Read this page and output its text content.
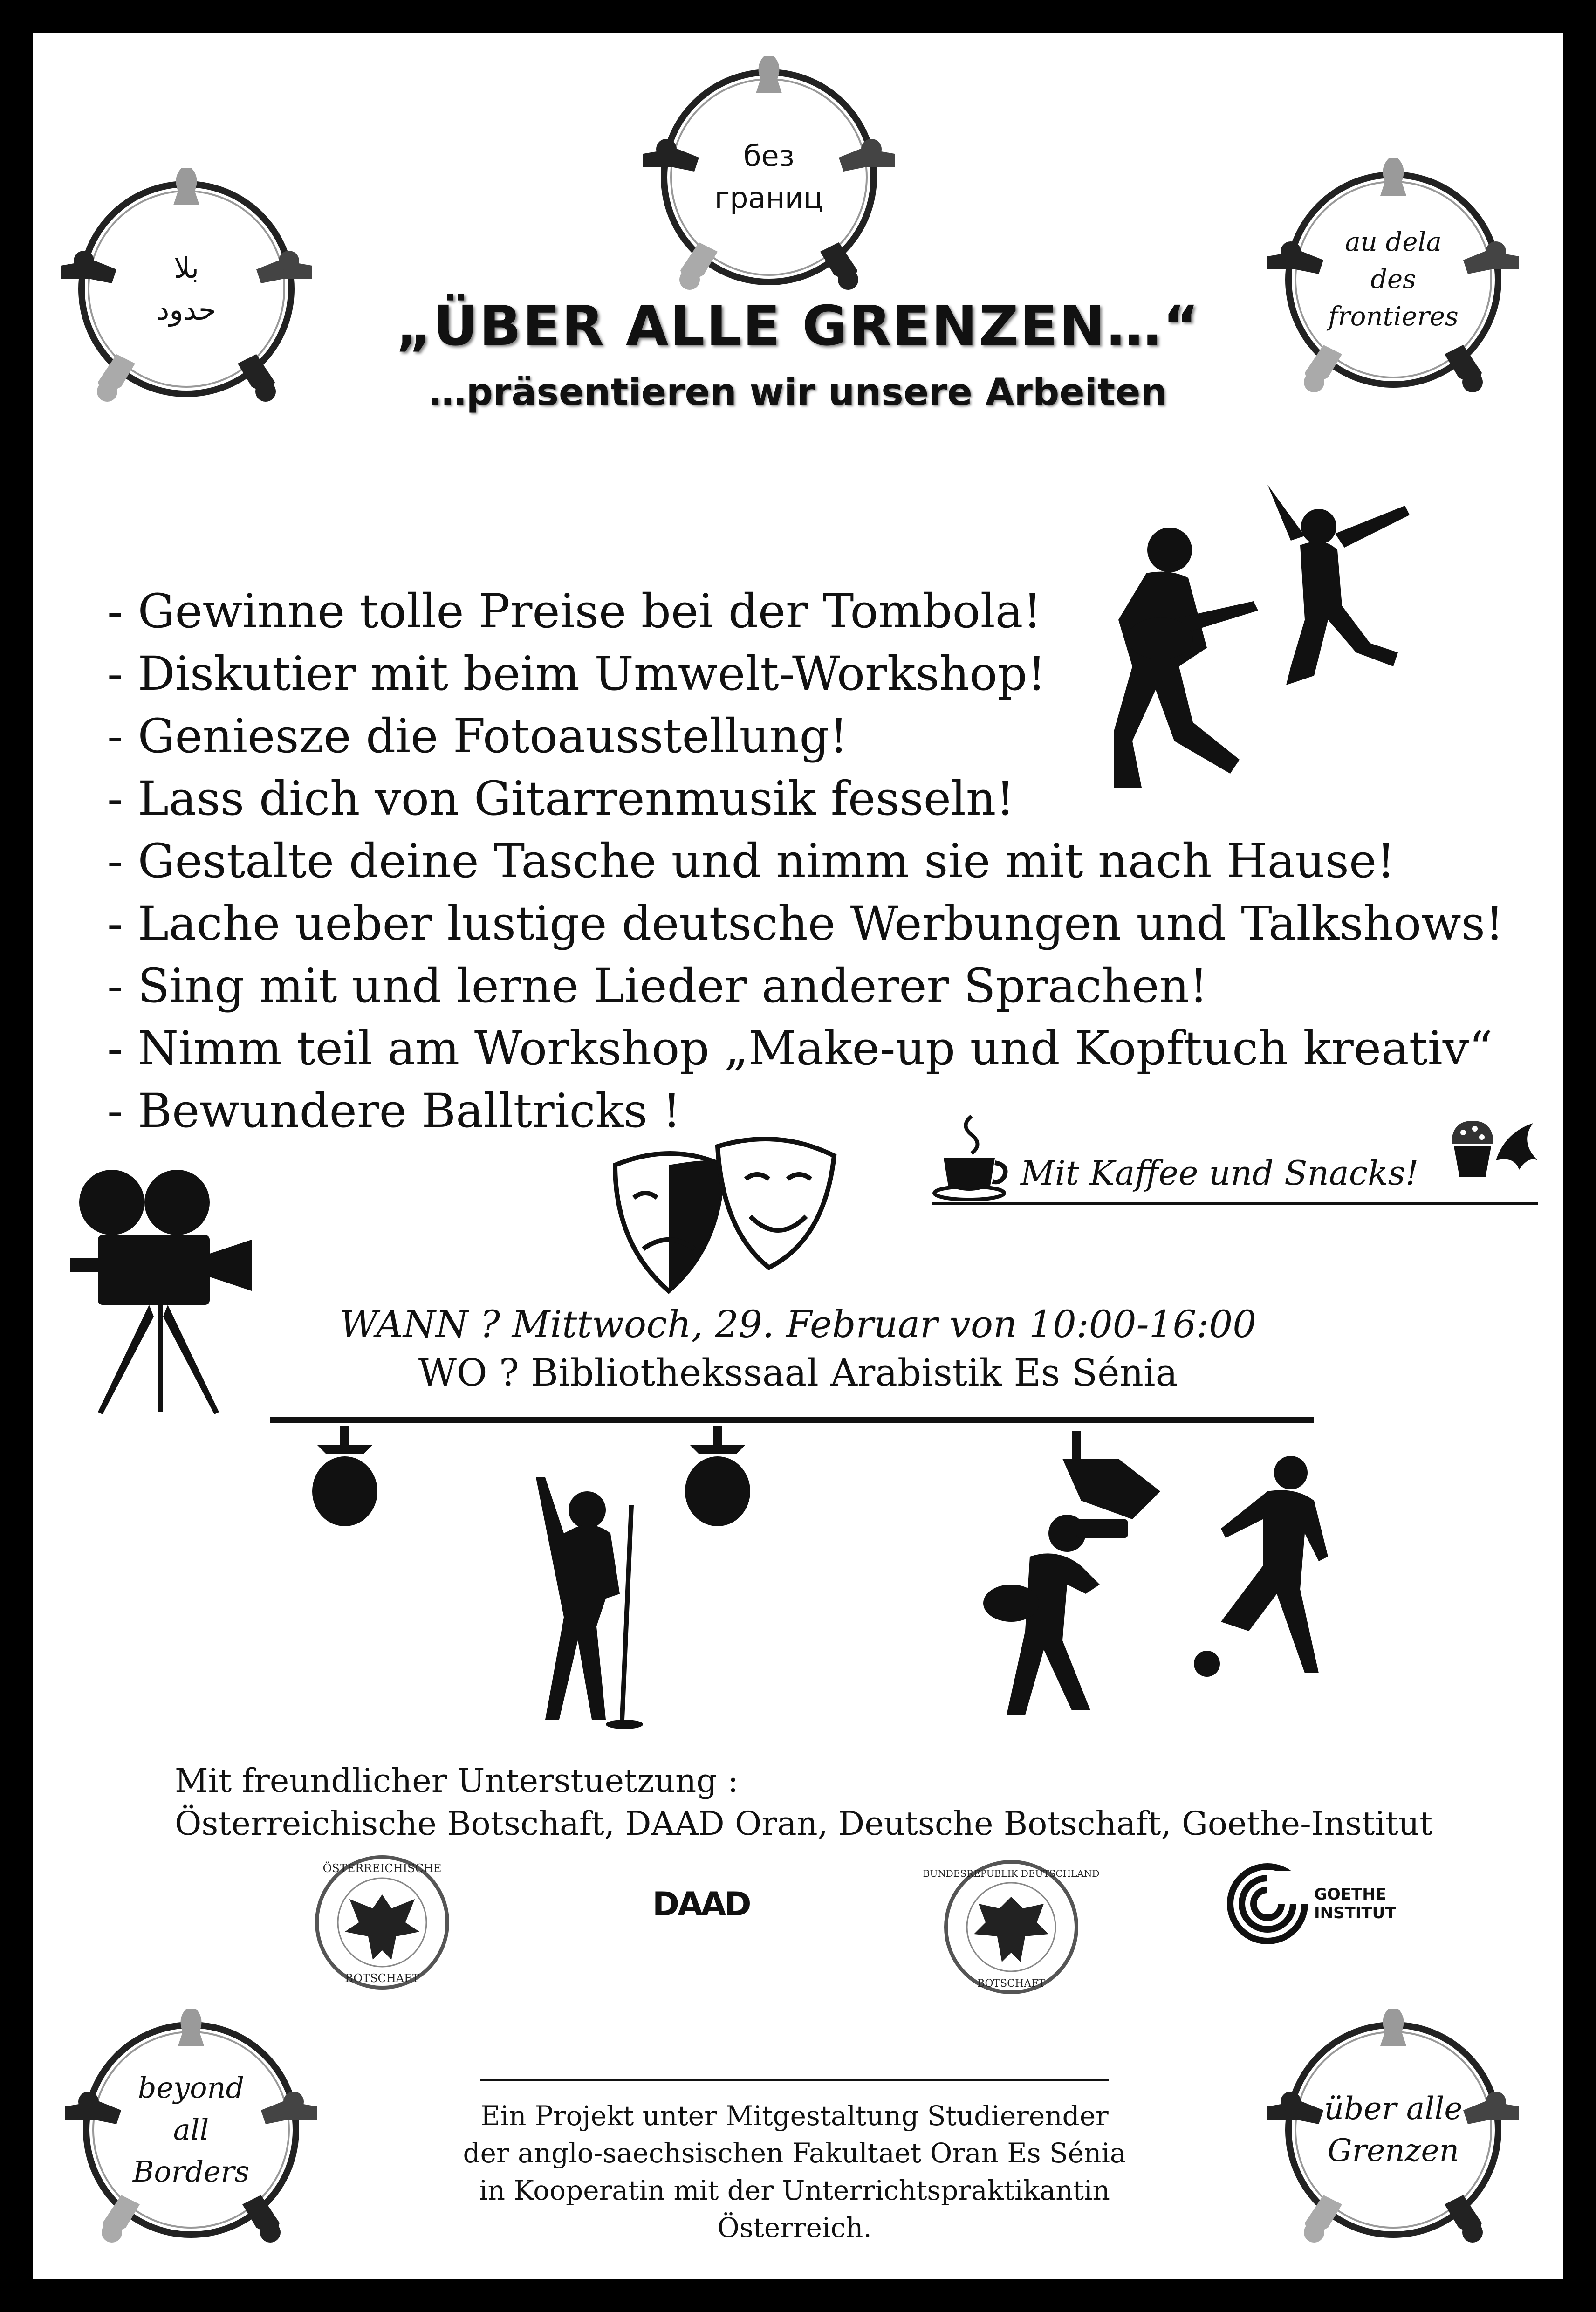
بلا
حدود
без
границ
au dela
des
frontieres
beyond
all
Borders
über alle
Grenzen
„ÜBER ALLE GRENZEN…“
…präsentieren wir unsere Arbeiten
- Gewinne tolle Preise bei der Tombola!
- Diskutier mit beim Umwelt-Workshop!
- Geniesze die Fotoausstellung!
- Lass dich von Gitarrenmusik fesseln!
- Gestalte deine Tasche und nimm sie mit nach Hause!
- Lache ueber lustige deutsche Werbungen und Talkshows!
- Sing mit und lerne Lieder anderer Sprachen!
- Nimm teil am Workshop „Make-up und Kopftuch kreativ“
- Bewundere Balltricks !
Mit Kaffee und Snacks!
WANN ? Mittwoch, 29. Februar von 10:00-16:00
WO ? Bibliothekssaal Arabistik Es Sénia
Mit freundlicher Unterstuetzung :
Österreichische Botschaft, DAAD Oran, Deutsche Botschaft, Goethe-Institut
ÖSTERREICHISCHE
BOTSCHAFT
DAAD
BUNDESREPUBLIK DEUTSCHLAND
BOTSCHAFT
GOETHE
INSTITUT
Ein Projekt unter Mitgestaltung Studierender
der anglo-saechsischen Fakultaet Oran Es Sénia
in Kooperatin mit der Unterrichtspraktikantin
Österreich.
